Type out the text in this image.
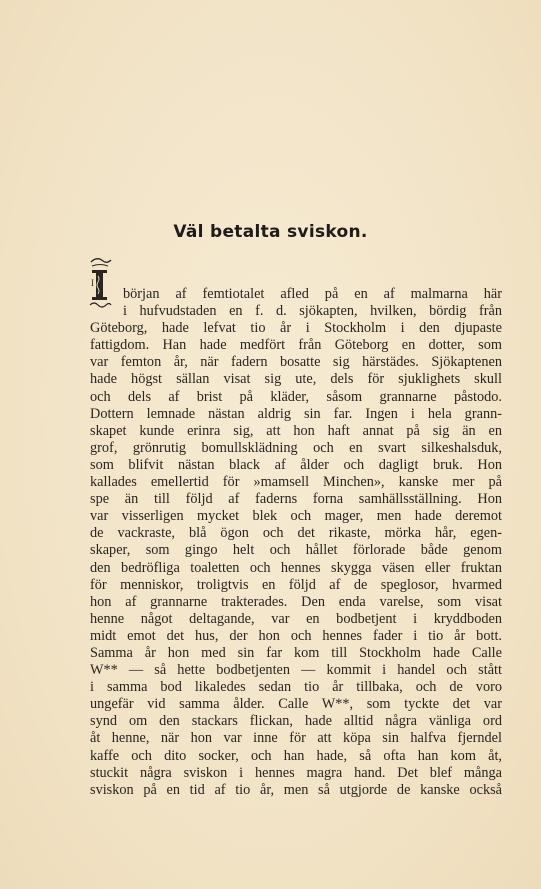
Väl betalta sviskon.
I
början af femtiotalet afled på en af malmarna här
i hufvudstaden en f. d. sjökapten, hvilken, bördig från
Göteborg, hade lefvat tio år i Stockholm i den djupaste
fattigdom. Han hade medfört från Göteborg en dotter, som
var femton år, när fadern bosatte sig härstädes. Sjökaptenen
hade högst sällan visat sig ute, dels för sjuklighets skull
och dels af brist på kläder, såsom grannarne påstodo.
Dottern lemnade nästan aldrig sin far. Ingen i hela grann-
skapet kunde erinra sig, att hon haft annat på sig än en
grof, grönrutig bomullsklädning och en svart silkeshalsduk,
som blifvit nästan black af ålder och dagligt bruk. Hon
kallades emellertid för »mamsell Minchen», kanske mer på
spe än till följd af faderns forna samhällsställning. Hon
var visserligen mycket blek och mager, men hade deremot
de vackraste, blå ögon och det rikaste, mörka hår, egen-
skaper, som gingo helt och hållet förlorade både genom
den bedröfliga toaletten och hennes skygga väsen eller fruktan
för menniskor, troligtvis en följd af de speglosor, hvarmed
hon af grannarne trakterades. Den enda varelse, som visat
henne något deltagande, var en bodbetjent i kryddboden
midt emot det hus, der hon och hennes fader i tio år bott.
Samma år hon med sin far kom till Stockholm hade Calle
W** — så hette bodbetjenten — kommit i handel och stått
i samma bod likaledes sedan tio år tillbaka, och de voro
ungefär vid samma ålder. Calle W**, som tyckte det var
synd om den stackars flickan, hade alltid några vänliga ord
åt henne, när hon var inne för att köpa sin halfva fjerndel
kaffe och dito socker, och han hade, så ofta han kom åt,
stuckit några sviskon i hennes magra hand. Det blef många
sviskon på en tid af tio år, men så utgjorde de kanske också
